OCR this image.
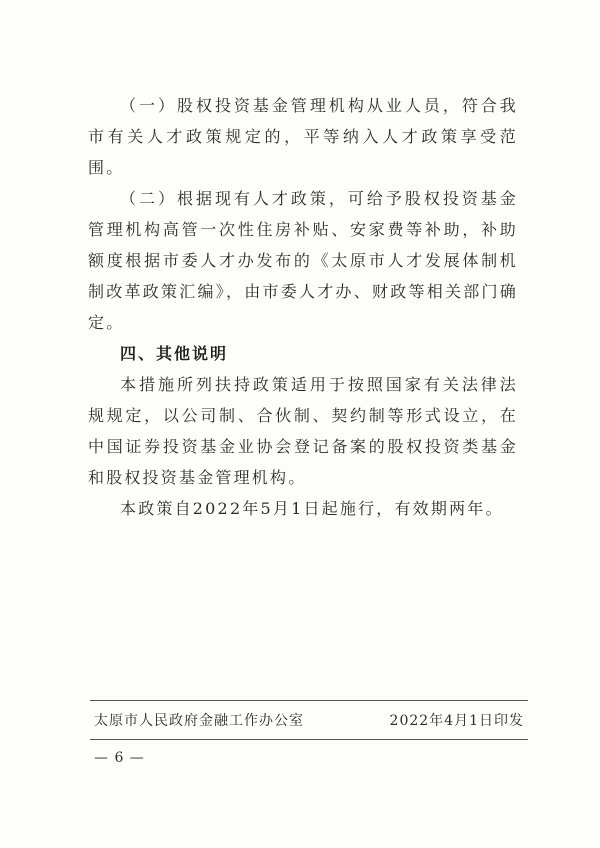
（一）股权投资基金管理机构从业人员，符合我市有关人才政策规定的，平等纳入人才政策享受范围。

（二）根据现有人才政策，可给予股权投资基金管理机构高管一次性住房补贴、安家费等补助，补助额度根据市委人才办发布的《太原市人才发展体制机制改革政策汇编》，由市委人才办、财政等相关部门确定。

四、其他说明

本措施所列扶持政策适用于按照国家有关法律法规规定，以公司制、合伙制、契约制等形式设立，在中国证券投资基金业协会登记备案的股权投资类基金和股权投资基金管理机构。

本政策自2022年5月1日起施行，有效期两年。

太原市人民政府金融工作办公室	2022年4月1日印发
— 6 —
